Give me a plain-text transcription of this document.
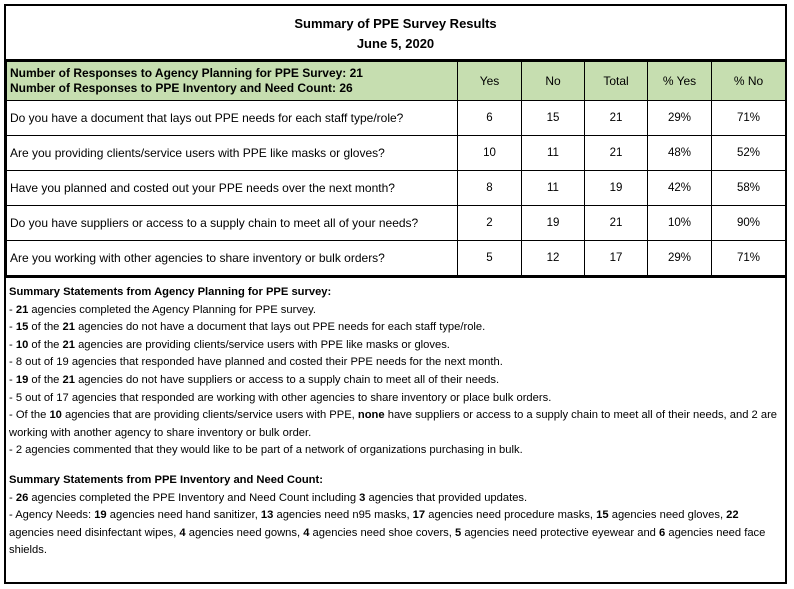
Summary of PPE Survey Results
June 5, 2020
Number of Responses to Agency Planning for PPE Survey: 21
Number of Responses to PPE Inventory and Need Count: 26	Yes	No	Total	% Yes	% No
Do you have a document that lays out PPE needs for each staff type/role?	6	15	21	29%	71%
Are you providing clients/service users with PPE like masks or gloves?	10	11	21	48%	52%
Have you planned and costed out your PPE needs over the next month?	8	11	19	42%	58%
Do you have suppliers or access to a supply chain to meet all of your needs?	2	19	21	10%	90%
Are you working with other agencies to share inventory or bulk orders?	5	12	17	29%	71%

Summary Statements from Agency Planning for PPE survey:

- 21 agencies completed the Agency Planning for PPE survey.

- 15 of the 21 agencies do not have a document that lays out PPE needs for each staff type/role.

- 10 of the 21 agencies are providing clients/service users with PPE like masks or gloves.

- 8 out of 19 agencies that responded have planned and costed their PPE needs for the next month.

- 19 of the 21 agencies do not have suppliers or access to a supply chain to meet all of their needs.

- 5 out of 17 agencies that responded are working with other agencies to share inventory or place bulk orders.

- Of the 10 agencies that are providing clients/service users with PPE, none have suppliers or access to a supply chain to meet all of their needs, and 2 are working with another agency to share inventory or bulk order.

- 2 agencies commented that they would like to be part of a network of organizations purchasing in bulk.

Summary Statements from PPE Inventory and Need Count:

- 26 agencies completed the PPE Inventory and Need Count including 3 agencies that provided updates.

- Agency Needs: 19 agencies need hand sanitizer, 13 agencies need n95 masks, 17 agencies need procedure masks, 15 agencies need gloves, 22 agencies need disinfectant wipes, 4 agencies need gowns, 4 agencies need shoe covers, 5 agencies need protective eyewear and 6 agencies need face shields.
